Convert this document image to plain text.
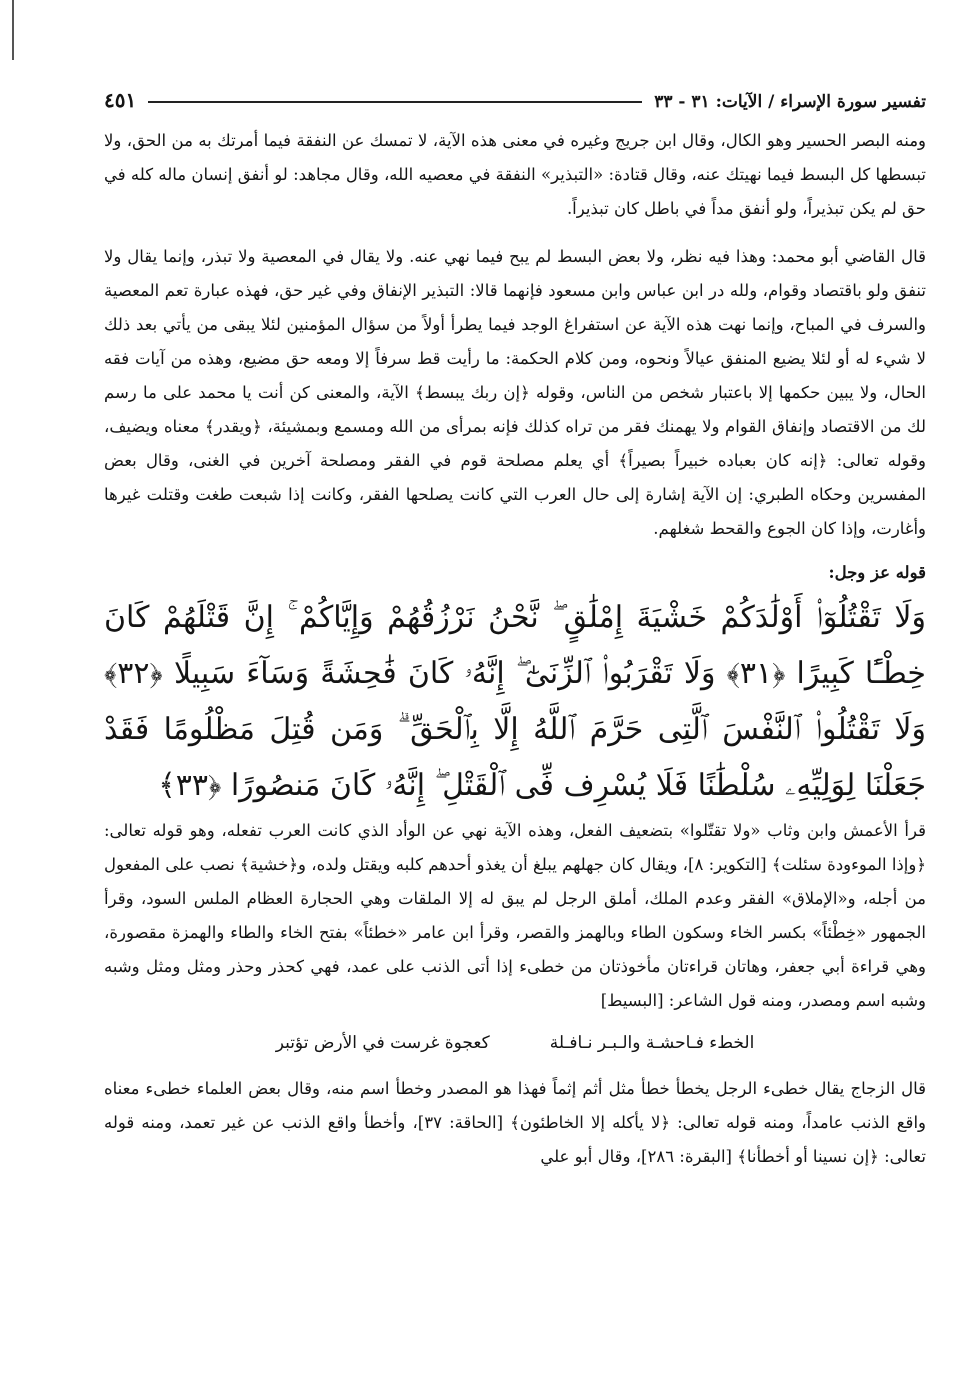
تفسير سورة الإسراء / الآيات: ٣١ - ٣٣
٤٥١

ومنه البصر الحسير وهو الكال، وقال ابن جريج وغيره في معنى هذه الآية، لا تمسك عن النفقة فيما أمرتك به من الحق، ولا تبسطها كل البسط فيما نهيتك عنه، وقال قتادة: «التبذير» النفقة في معصيه الله، وقال مجاهد: لو أنفق إنسان ماله كله في حق لم يكن تبذيراً، ولو أنفق مداً في باطل كان تبذيراً.

قال القاضي أبو محمد: وهذا فيه نظر، ولا بعض البسط لم يبح فيما نهي عنه. ولا يقال في المعصية ولا تبذر، وإنما يقال ولا تنفق ولو باقتصاد وقوام، ولله در ابن عباس وابن مسعود فإنهما قالا: التبذير الإنفاق وفي غير حق، فهذه عبارة تعم المعصية والسرف في المباح، وإنما نهت هذه الآية عن استفراغ الوجد فيما يطرأ أولاً من سؤال المؤمنين لئلا يبقى من يأتي بعد ذلك لا شيء له أو لئلا يضيع المنفق عيالاً ونحوه، ومن كلام الحكمة: ما رأيت قط سرفاً إلا ومعه حق مضيع، وهذه من آيات فقه الحال، ولا يبين حكمها إلا باعتبار شخص من الناس، وقوله ﴿إن ربك يبسط﴾ الآية، والمعنى كن أنت يا محمد على ما رسم لك من الاقتصاد وإنفاق القوام ولا يهمنك فقر من تراه كذلك فإنه بمرأى من الله ومسمع وبمشيئة، ﴿ويقدر﴾ معناه ويضيف، وقوله تعالى: ﴿إنه كان بعباده خبيراً بصيراً﴾ أي يعلم مصلحة قوم في الفقر ومصلحة آخرين في الغنى، وقال بعض المفسرين وحكاه الطبري: إن الآية إشارة إلى حال العرب التي كانت يصلحها الفقر، وكانت إذا شبعت طغت وقتلت غيرها وأغارت، وإذا كان الجوع والقحط شغلهم.

قوله عز وجل:

وَلَا تَقْتُلُوٓا۟ أَوْلَٰدَكُمْ خَشْيَةَ إِمْلَٰقٍ ۖ نَّحْنُ نَرْزُقُهُمْ وَإِيَّاكُمْ ۚ إِنَّ قَتْلَهُمْ كَانَ خِطْـًٔا كَبِيرًا ﴿٣١﴾ وَلَا تَقْرَبُوا۟ ٱلزِّنَىٰٓ ۖ إِنَّهُۥ كَانَ فَٰحِشَةً وَسَآءَ سَبِيلًا ﴿٣٢﴾ وَلَا تَقْتُلُوا۟ ٱلنَّفْسَ ٱلَّتِى حَرَّمَ ٱللَّهُ إِلَّا بِٱلْحَقِّ ۗ وَمَن قُتِلَ مَظْلُومًا فَقَدْ جَعَلْنَا لِوَلِيِّهِۦ سُلْطَٰنًا فَلَا يُسْرِف فِّى ٱلْقَتْلِ ۖ إِنَّهُۥ كَانَ مَنصُورًا ﴿٣٣﴾

قرأ الأعمش وابن وثاب «ولا تقتّلوا» بتضعيف الفعل، وهذه الآية نهي عن الوأد الذي كانت العرب تفعله، وهو قوله تعالى: ﴿وإذا الموءودة سئلت﴾ [التكوير: ٨]، ويقال كان جهلهم يبلغ أن يغذو أحدهم كلبه ويقتل ولده، و﴿خشية﴾ نصب على المفعول من أجله، و«الإملاق» الفقر وعدم الملك، أملق الرجل لم يبق له إلا الملقات وهي الحجارة العظام الملس السود، وقرأ الجمهور «خِطْئاً» بكسر الخاء وسكون الطاء وبالهمز والقصر، وقرأ ابن عامر «خطئاً» بفتح الخاء والطاء والهمزة مقصورة، وهي قراءة أبي جعفر، وهاتان قراءتان مأخوذتان من خطىء إذا أتى الذنب على عمد، فهي كحذر وحذر ومثل ومثل وشبه وشبه اسم ومصدر، ومنه قول الشاعر: [البسيط]

الخطء فـاحشـة والـبـر نـافـلة
كعجوة غرست في الأرض تؤتبر

قال الزجاج يقال خطىء الرجل يخطأ خطأ مثل أثم إثماً فهذا هو المصدر وخطأ اسم منه، وقال بعض العلماء خطىء معناه واقع الذنب عامداً، ومنه قوله تعالى: ﴿لا يأكله إلا الخاطئون﴾ [الحاقة: ٣٧]، وأخطأ واقع الذنب عن غير تعمد، ومنه قوله تعالى: ﴿إن نسينا أو أخطأنا﴾ [البقرة: ٢٨٦]، وقال أبو علي
